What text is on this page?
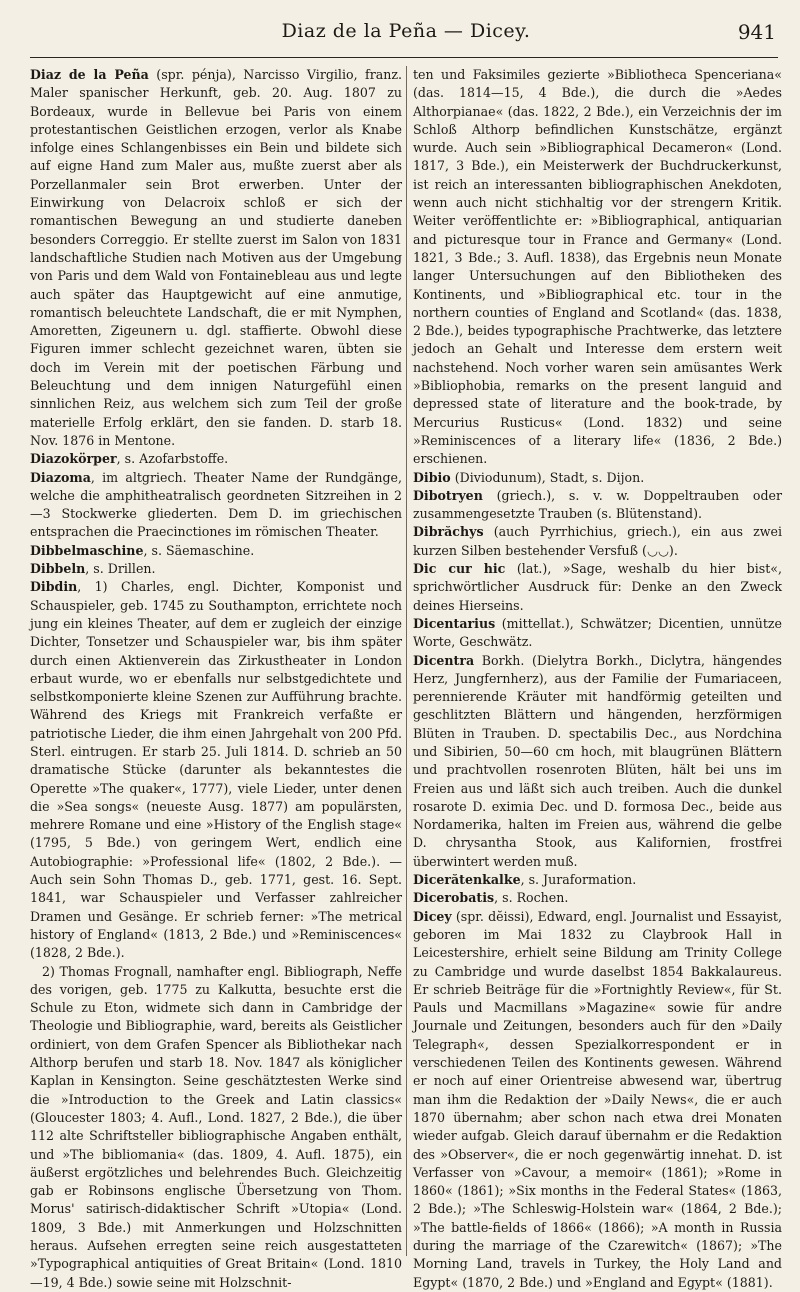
Diaz de la Peña — Dicey.	941

Diaz de la Peña (spr. pénja), Narcisso Virgilio, franz. Maler spanischer Herkunft, geb. 20. Aug. 1807 zu Bordeaux, wurde in Bellevue bei Paris von einem protestantischen Geistlichen erzogen, verlor als Knabe infolge eines Schlangenbisses ein Bein und bildete sich auf eigne Hand zum Maler aus, mußte zuerst aber als Porzellanmaler sein Brot erwerben. Unter der Einwirkung von Delacroix schloß er sich der romantischen Bewegung an und studierte daneben besonders Correggio. Er stellte zuerst im Salon von 1831 landschaftliche Studien nach Motiven aus der Umgebung von Paris und dem Wald von Fontainebleau aus und legte auch später das Hauptgewicht auf eine anmutige, romantisch beleuchtete Landschaft, die er mit Nymphen, Amoretten, Zigeunern u. dgl. staffierte. Obwohl diese Figuren immer schlecht gezeichnet waren, übten sie doch im Verein mit der poetischen Färbung und Beleuchtung und dem innigen Naturgefühl einen sinnlichen Reiz, aus welchem sich zum Teil der große materielle Erfolg erklärt, den sie fanden. D. starb 18. Nov. 1876 in Mentone.

Diazokörper, s. Azofarbstoffe.

Diazoma, im altgriech. Theater Name der Rundgänge, welche die amphitheatralisch geordneten Sitzreihen in 2—3 Stockwerke gliederten. Dem D. im griechischen entsprachen die Praecinctiones im römischen Theater.

Dibbelmaschine, s. Säemaschine.

Dibbeln, s. Drillen.

Dibdin, 1) Charles, engl. Dichter, Komponist und Schauspieler, geb. 1745 zu Southampton, errichtete noch jung ein kleines Theater, auf dem er zugleich der einzige Dichter, Tonsetzer und Schauspieler war, bis ihm später durch einen Aktienverein das Zirkustheater in London erbaut wurde, wo er ebenfalls nur selbstgedichtete und selbstkomponierte kleine Szenen zur Aufführung brachte. Während des Kriegs mit Frankreich verfaßte er patriotische Lieder, die ihm einen Jahrgehalt von 200 Pfd. Sterl. eintrugen. Er starb 25. Juli 1814. D. schrieb an 50 dramatische Stücke (darunter als bekanntestes die Operette »The quaker«, 1777), viele Lieder, unter denen die »Sea songs« (neueste Ausg. 1877) am populärsten, mehrere Romane und eine »History of the English stage« (1795, 5 Bde.) von geringem Wert, endlich eine Autobiographie: »Professional life« (1802, 2 Bde.). — Auch sein Sohn Thomas D., geb. 1771, gest. 16. Sept. 1841, war Schauspieler und Verfasser zahlreicher Dramen und Gesänge. Er schrieb ferner: »The metrical history of England« (1813, 2 Bde.) und »Reminiscences« (1828, 2 Bde.).

2) Thomas Frognall, namhafter engl. Bibliograph, Neffe des vorigen, geb. 1775 zu Kalkutta, besuchte erst die Schule zu Eton, widmete sich dann in Cambridge der Theologie und Bibliographie, ward, bereits als Geistlicher ordiniert, von dem Grafen Spencer als Bibliothekar nach Althorp berufen und starb 18. Nov. 1847 als königlicher Kaplan in Kensington. Seine geschätztesten Werke sind die »Introduction to the Greek and Latin classics« (Gloucester 1803; 4. Aufl., Lond. 1827, 2 Bde.), die über 112 alte Schriftsteller bibliographische Angaben enthält, und »The bibliomania« (das. 1809, 4. Aufl. 1875), ein äußerst ergötzliches und belehrendes Buch. Gleichzeitig gab er Robinsons englische Übersetzung von Thom. Morus' satirisch-didaktischer Schrift »Utopia« (Lond. 1809, 3 Bde.) mit Anmerkungen und Holzschnitten heraus. Aufsehen erregten seine reich ausgestatteten »Typographical antiquities of Great Britain« (Lond. 1810—19, 4 Bde.) sowie seine mit Holzschnit-

ten und Faksimiles gezierte »Bibliotheca Spenceriana« (das. 1814—15, 4 Bde.), die durch die »Aedes Althorpianae« (das. 1822, 2 Bde.), ein Verzeichnis der im Schloß Althorp befindlichen Kunstschätze, ergänzt wurde. Auch sein »Bibliographical Decameron« (Lond. 1817, 3 Bde.), ein Meisterwerk der Buchdruckerkunst, ist reich an interessanten bibliographischen Anekdoten, wenn auch nicht stichhaltig vor der strengern Kritik. Weiter veröffentlichte er: »Bibliographical, antiquarian and picturesque tour in France and Germany« (Lond. 1821, 3 Bde.; 3. Aufl. 1838), das Ergebnis neun Monate langer Untersuchungen auf den Bibliotheken des Kontinents, und »Bibliographical etc. tour in the northern counties of England and Scotland« (das. 1838, 2 Bde.), beides typographische Prachtwerke, das letztere jedoch an Gehalt und Interesse dem erstern weit nachstehend. Noch vorher waren sein amüsantes Werk »Bibliophobia, remarks on the present languid and depressed state of literature and the book-trade, by Mercurius Rusticus« (Lond. 1832) und seine »Reminiscences of a literary life« (1836, 2 Bde.) erschienen.

Dibio (Diviodunum), Stadt, s. Dijon.

Dibotryen (griech.), s. v. w. Doppeltrauben oder zusammengesetzte Trauben (s. Blütenstand).

Dibrăchys (auch Pyrrhichius, griech.), ein aus zwei kurzen Silben bestehender Versfuß (◡◡).

Dic cur hic (lat.), »Sage, weshalb du hier bist«, sprichwörtlicher Ausdruck für: Denke an den Zweck deines Hierseins.

Dicentarius (mittellat.), Schwätzer; Dicentien, unnütze Worte, Geschwätz.

Dicentra Borkh. (Dielytra Borkh., Diclytra, hängendes Herz, Jungfernherz), aus der Familie der Fumariaceen, perennierende Kräuter mit handförmig geteilten und geschlitzten Blättern und hängenden, herzförmigen Blüten in Trauben. D. spectabilis Dec., aus Nordchina und Sibirien, 50—60 cm hoch, mit blaugrünen Blättern und prachtvollen rosenroten Blüten, hält bei uns im Freien aus und läßt sich auch treiben. Auch die dunkel rosarote D. eximia Dec. und D. formosa Dec., beide aus Nordamerika, halten im Freien aus, während die gelbe D. chrysantha Stook, aus Kalifornien, frostfrei überwintert werden muß.

Dicerătenkalke, s. Juraformation.

Dicerobatis, s. Rochen.

Dicey (spr. dĕissi), Edward, engl. Journalist und Essayist, geboren im Mai 1832 zu Claybrook Hall in Leicestershire, erhielt seine Bildung am Trinity College zu Cambridge und wurde daselbst 1854 Bakkalaureus. Er schrieb Beiträge für die »Fortnightly Review«, für St. Pauls und Macmillans »Magazine« sowie für andre Journale und Zeitungen, besonders auch für den »Daily Telegraph«, dessen Spezialkorrespondent er in verschiedenen Teilen des Kontinents gewesen. Während er noch auf einer Orientreise abwesend war, übertrug man ihm die Redaktion der »Daily News«, die er auch 1870 übernahm; aber schon nach etwa drei Monaten wieder aufgab. Gleich darauf übernahm er die Redaktion des »Observer«, die er noch gegenwärtig innehat. D. ist Verfasser von »Cavour, a memoir« (1861); »Rome in 1860« (1861); »Six months in the Federal States« (1863, 2 Bde.); »The Schleswig-Holstein war« (1864, 2 Bde.); »The battle-fields of 1866« (1866); »A month in Russia during the marriage of the Czarewitch« (1867); »The Morning Land, travels in Turkey, the Holy Land and Egypt« (1870, 2 Bde.) und »England and Egypt« (1881).
